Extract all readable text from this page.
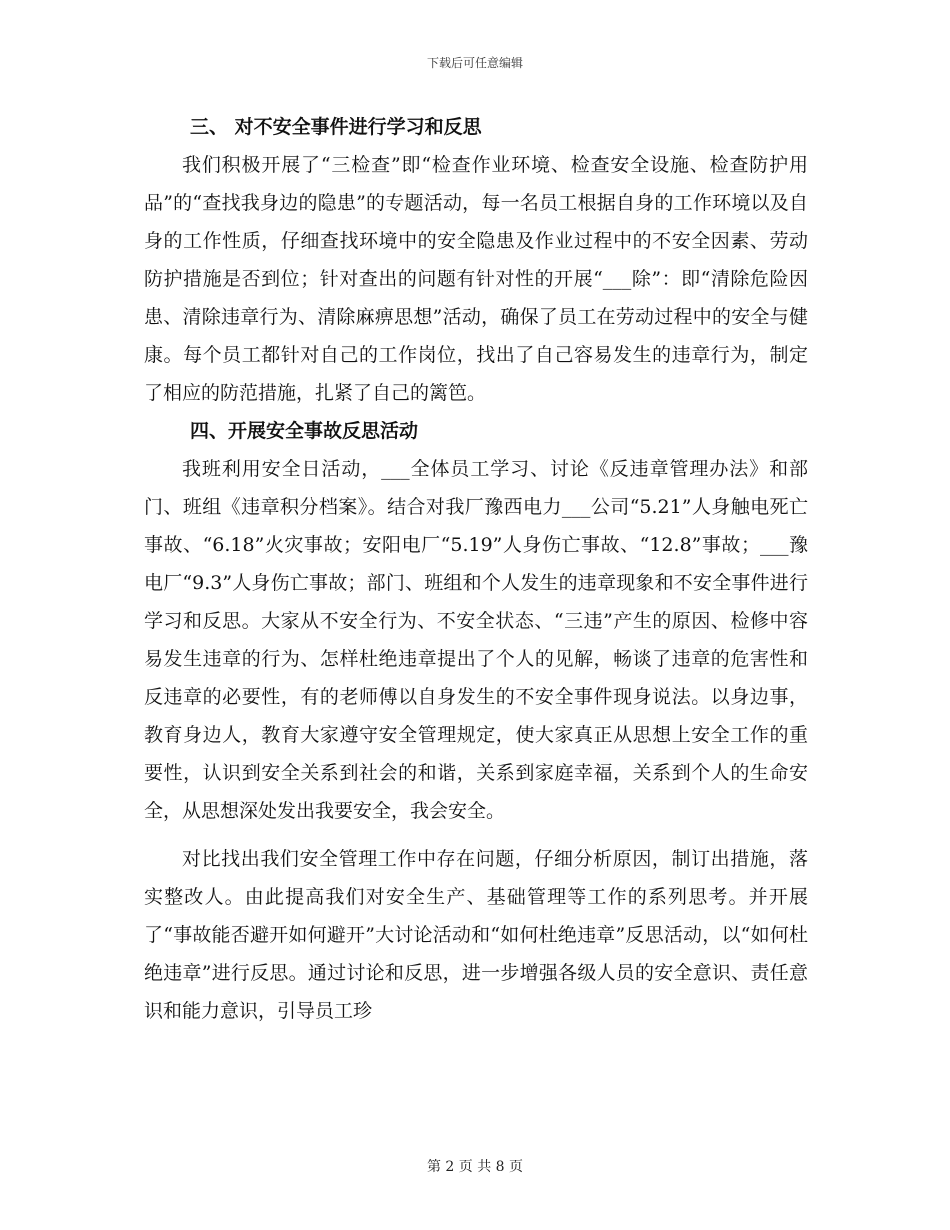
下载后可任意编辑

三、 对不安全事件进行学习和反思

我们积极开展了“三检查”即“检查作业环境、检查安全设施、检查防护用品”的“查找我身边的隐患”的专题活动，每一名员工根据自身的工作环境以及自身的工作性质，仔细查找环境中的安全隐患及作业过程中的不安全因素、劳动防护措施是否到位；针对查出的问题有针对性的开展“___除”：即“清除危险因患、清除违章行为、清除麻痹思想”活动，确保了员工在劳动过程中的安全与健康。每个员工都针对自己的工作岗位，找出了自己容易发生的违章行为，制定了相应的防范措施，扎紧了自己的篱笆。

四、开展安全事故反思活动

我班利用安全日活动，___全体员工学习、讨论《反违章管理办法》和部门、班组《违章积分档案》。结合对我厂豫西电力___公司“5.21”人身触电死亡事故、“6.18”火灾事故；安阳电厂“5.19”人身伤亡事故、“12.8”事故；___豫电厂“9.3”人身伤亡事故；部门、班组和个人发生的违章现象和不安全事件进行学习和反思。大家从不安全行为、不安全状态、“三违”产生的原因、检修中容易发生违章的行为、怎样杜绝违章提出了个人的见解，畅谈了违章的危害性和反违章的必要性，有的老师傅以自身发生的不安全事件现身说法。以身边事，教育身边人，教育大家遵守安全管理规定，使大家真正从思想上安全工作的重要性，认识到安全关系到社会的和谐，关系到家庭幸福，关系到个人的生命安全，从思想深处发出我要安全，我会安全。

对比找出我们安全管理工作中存在问题，仔细分析原因，制订出措施，落实整改人。由此提高我们对安全生产、基础管理等工作的系列思考。并开展了“事故能否避开如何避开”大讨论活动和“如何杜绝违章”反思活动，以“如何杜绝违章”进行反思。通过讨论和反思，进一步增强各级人员的安全意识、责任意识和能力意识，引导员工珍

第 2 页 共 8 页
